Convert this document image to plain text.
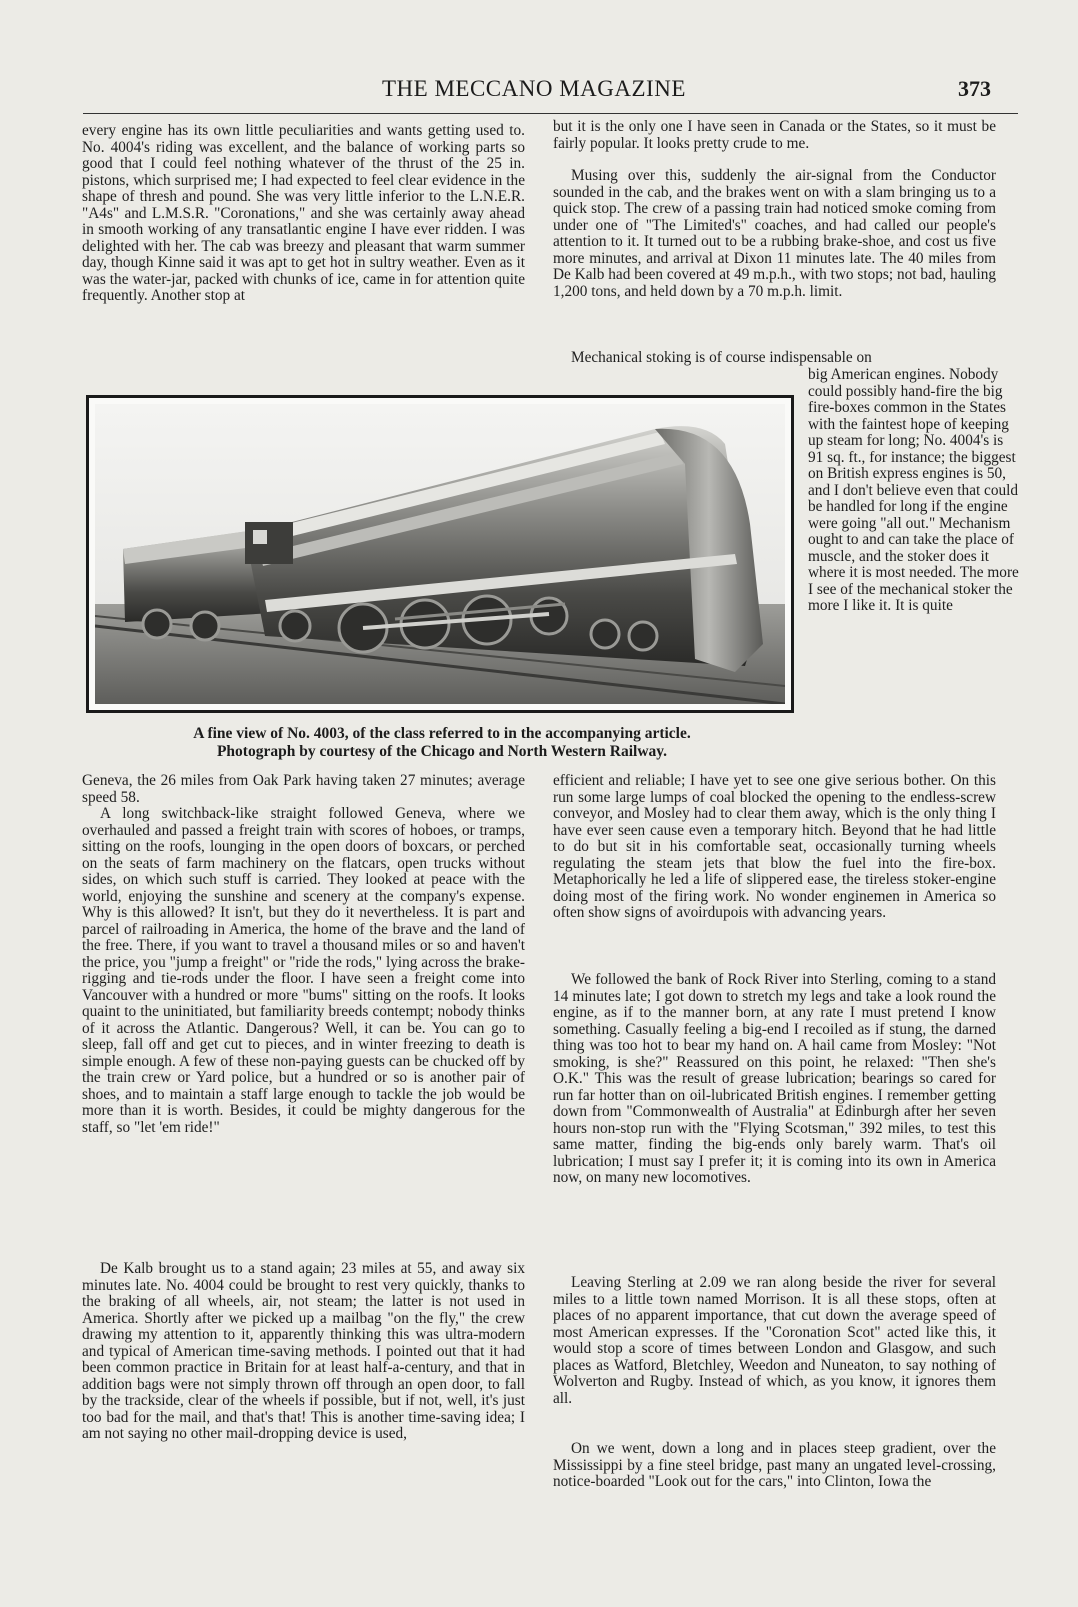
THE MECCANO MAGAZINE	373

every engine has its own little peculiarities and wants getting used to. No. 4004's riding was excellent, and the balance of working parts so good that I could feel nothing whatever of the thrust of the 25 in. pistons, which surprised me; I had expected to feel clear evidence in the shape of thresh and pound. She was very little inferior to the L.N.E.R. "A4s" and L.M.S.R. "Coronations," and she was certainly away ahead in smooth working of any transatlantic engine I have ever ridden. I was delighted with her. The cab was breezy and pleasant that warm summer day, though Kinne said it was apt to get hot in sultry weather. Even as it was the water-jar, packed with chunks of ice, came in for attention quite frequently. Another stop at

but it is the only one I have seen in Canada or the States, so it must be fairly popular. It looks pretty crude to me.

Musing over this, suddenly the air-signal from the Conductor sounded in the cab, and the brakes went on with a slam bringing us to a quick stop. The crew of a passing train had noticed smoke coming from under one of "The Limited's" coaches, and had called our people's attention to it. It turned out to be a rubbing brake-shoe, and cost us five more minutes, and arrival at Dixon 11 minutes late. The 40 miles from De Kalb had been covered at 49 m.p.h., with two stops; not bad, hauling 1,200 tons, and held down by a 70 m.p.h. limit.

Mechanical stoking is of course indispensable on

big American engines. Nobody could possibly hand-fire the big fire-boxes common in the States with the faintest hope of keeping up steam for long; No. 4004's is 91 sq. ft., for instance; the biggest on British express engines is 50, and I don't believe even that could be handled for long if the engine were going "all out." Mechanism ought to and can take the place of muscle, and the stoker does it where it is most needed. The more I see of the mechanical stoker the more I like it. It is quite

A fine view of No. 4003, of the class referred to in the accompanying article.
Photograph by courtesy of the Chicago and North Western Railway.

Geneva, the 26 miles from Oak Park having taken 27 minutes; average speed 58.

A long switchback-like straight followed Geneva, where we overhauled and passed a freight train with scores of hoboes, or tramps, sitting on the roofs, lounging in the open doors of boxcars, or perched on the seats of farm machinery on the flatcars, open trucks without sides, on which such stuff is carried. They looked at peace with the world, enjoying the sunshine and scenery at the company's expense. Why is this allowed? It isn't, but they do it nevertheless. It is part and parcel of railroading in America, the home of the brave and the land of the free. There, if you want to travel a thousand miles or so and haven't the price, you "jump a freight" or "ride the rods," lying across the brake-rigging and tie-rods under the floor. I have seen a freight come into Vancouver with a hundred or more "bums" sitting on the roofs. It looks quaint to the uninitiated, but familiarity breeds contempt; nobody thinks of it across the Atlantic. Dangerous? Well, it can be. You can go to sleep, fall off and get cut to pieces, and in winter freezing to death is simple enough. A few of these non-paying guests can be chucked off by the train crew or Yard police, but a hundred or so is another pair of shoes, and to maintain a staff large enough to tackle the job would be more than it is worth. Besides, it could be mighty dangerous for the staff, so "let 'em ride!"

De Kalb brought us to a stand again; 23 miles at 55, and away six minutes late. No. 4004 could be brought to rest very quickly, thanks to the braking of all wheels, air, not steam; the latter is not used in America. Shortly after we picked up a mailbag "on the fly," the crew drawing my attention to it, apparently thinking this was ultra-modern and typical of American time-saving methods. I pointed out that it had been common practice in Britain for at least half-a-century, and that in addition bags were not simply thrown off through an open door, to fall by the trackside, clear of the wheels if possible, but if not, well, it's just too bad for the mail, and that's that! This is another time-saving idea; I am not saying no other mail-dropping device is used,

efficient and reliable; I have yet to see one give serious bother. On this run some large lumps of coal blocked the opening to the endless-screw conveyor, and Mosley had to clear them away, which is the only thing I have ever seen cause even a temporary hitch. Beyond that he had little to do but sit in his comfortable seat, occasionally turning wheels regulating the steam jets that blow the fuel into the fire-box. Metaphorically he led a life of slippered ease, the tireless stoker-engine doing most of the firing work. No wonder enginemen in America so often show signs of avoirdupois with advancing years.

We followed the bank of Rock River into Sterling, coming to a stand 14 minutes late; I got down to stretch my legs and take a look round the engine, as if to the manner born, at any rate I must pretend I know something. Casually feeling a big-end I recoiled as if stung, the darned thing was too hot to bear my hand on. A hail came from Mosley: "Not smoking, is she?" Reassured on this point, he relaxed: "Then she's O.K." This was the result of grease lubrication; bearings so cared for run far hotter than on oil-lubricated British engines. I remember getting down from "Commonwealth of Australia" at Edinburgh after her seven hours non-stop run with the "Flying Scotsman," 392 miles, to test this same matter, finding the big-ends only barely warm. That's oil lubrication; I must say I prefer it; it is coming into its own in America now, on many new locomotives.

Leaving Sterling at 2.09 we ran along beside the river for several miles to a little town named Morrison. It is all these stops, often at places of no apparent importance, that cut down the average speed of most American expresses. If the "Coronation Scot" acted like this, it would stop a score of times between London and Glasgow, and such places as Watford, Bletchley, Weedon and Nuneaton, to say nothing of Wolverton and Rugby. Instead of which, as you know, it ignores them all.

On we went, down a long and in places steep gradient, over the Mississippi by a fine steel bridge, past many an ungated level-crossing, notice-boarded "Look out for the cars," into Clinton, Iowa the
